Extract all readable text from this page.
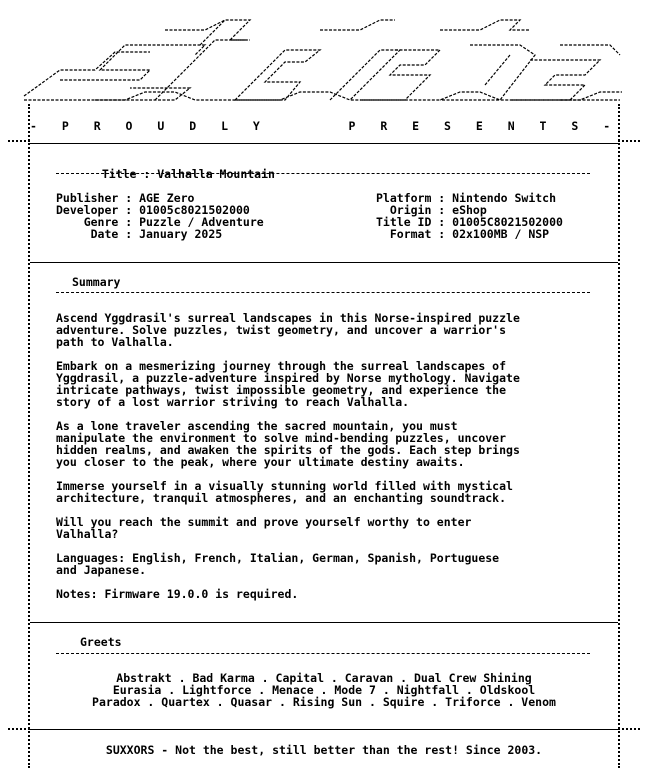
- P R O U D L Y     P R E S E N T S -

Title : Valhalla Mountain

Publisher : AGE Zero
Developer : 01005c8021502000
Genre : Puzzle / Adventure
Date : January 2025
Platform : Nintendo Switch
Origin : eShop
Title ID : 01005C8021502000
Format : 02x100MB / NSP
Summary
Ascend Yggdrasil's surreal landscapes in this Norse-inspired puzzle
adventure. Solve puzzles, twist geometry, and uncover a warrior's
path to Valhalla.
Embark on a mesmerizing journey through the surreal landscapes of
Yggdrasil, a puzzle-adventure inspired by Norse mythology. Navigate
intricate pathways, twist impossible geometry, and experience the
story of a lost warrior striving to reach Valhalla.
As a lone traveler ascending the sacred mountain, you must
manipulate the environment to solve mind-bending puzzles, uncover
hidden realms, and awaken the spirits of the gods. Each step brings
you closer to the peak, where your ultimate destiny awaits.
Immerse yourself in a visually stunning world filled with mystical
architecture, tranquil atmospheres, and an enchanting soundtrack.
Will you reach the summit and prove yourself worthy to enter
Valhalla?
Languages: English, French, Italian, German, Spanish, Portuguese
and Japanese.
Notes: Firmware 19.0.0 is required.
Greets
Abstrakt . Bad Karma . Capital . Caravan . Dual Crew Shining
Eurasia . Lightforce . Menace . Mode 7 . Nightfall . Oldskool
Paradox . Quartex . Quasar . Rising Sun . Squire . Triforce . Venom
SUXXORS - Not the best, still better than the rest! Since 2003.
